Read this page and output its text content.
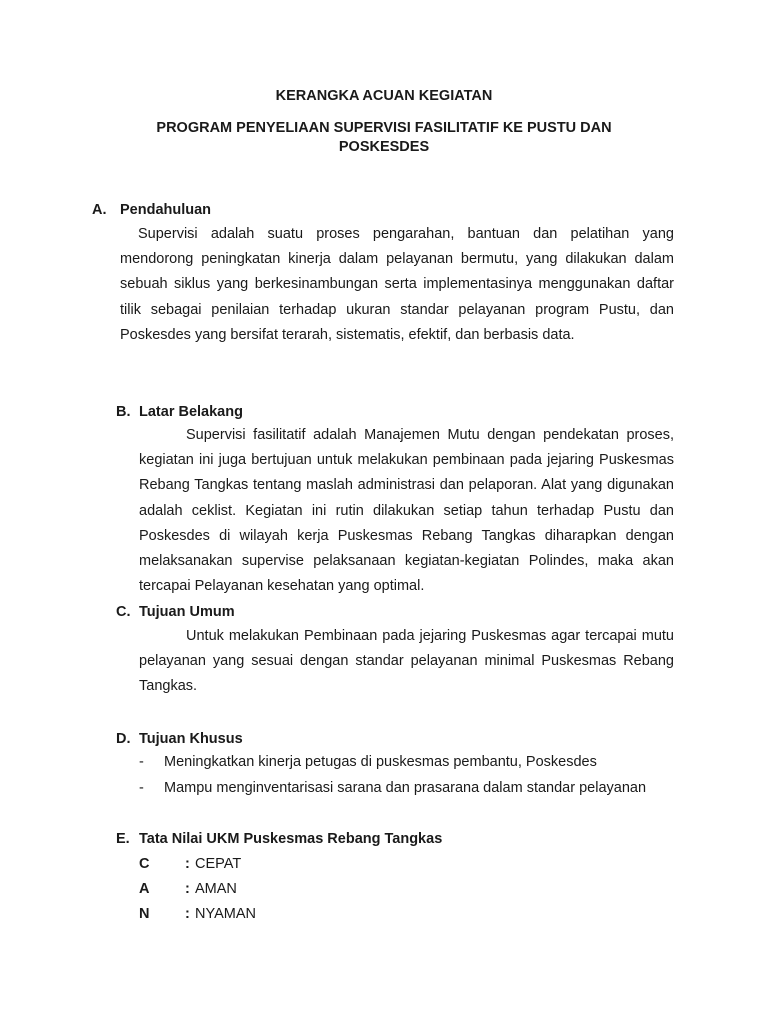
KERANGKA ACUAN KEGIATAN
PROGRAM PENYELIAAN SUPERVISI FASILITATIF KE PUSTU DAN POSKESDES
A. Pendahuluan

Supervisi adalah suatu proses pengarahan, bantuan dan pelatihan yang mendorong peningkatan kinerja dalam pelayanan bermutu, yang dilakukan dalam sebuah siklus yang berkesinambungan serta implementasinya menggunakan daftar tilik sebagai penilaian terhadap ukuran standar pelayanan program Pustu, dan Poskesdes yang bersifat terarah, sistematis, efektif, dan berbasis data.

B. Latar Belakang

Supervisi fasilitatif adalah Manajemen Mutu dengan pendekatan proses, kegiatan ini juga bertujuan untuk melakukan pembinaan pada jejaring Puskesmas Rebang Tangkas tentang maslah administrasi dan pelaporan. Alat yang digunakan adalah ceklist. Kegiatan ini rutin dilakukan setiap tahun terhadap Pustu dan Poskesdes di wilayah kerja Puskesmas Rebang Tangkas diharapkan dengan melaksanakan supervise pelaksanaan kegiatan-kegiatan Polindes, maka akan tercapai Pelayanan kesehatan yang optimal.

C. Tujuan Umum

Untuk melakukan Pembinaan pada jejaring Puskesmas agar tercapai mutu pelayanan yang sesuai dengan standar pelayanan minimal Puskesmas Rebang Tangkas.

D. Tujuan Khusus
- Meningkatkan kinerja petugas di puskesmas pembantu, Poskesdes
- Mampu menginventarisasi sarana dan prasarana dalam standar pelayanan
E. Tata Nilai UKM Puskesmas Rebang Tangkas
C : CEPAT
A : AMAN
N : NYAMAN
